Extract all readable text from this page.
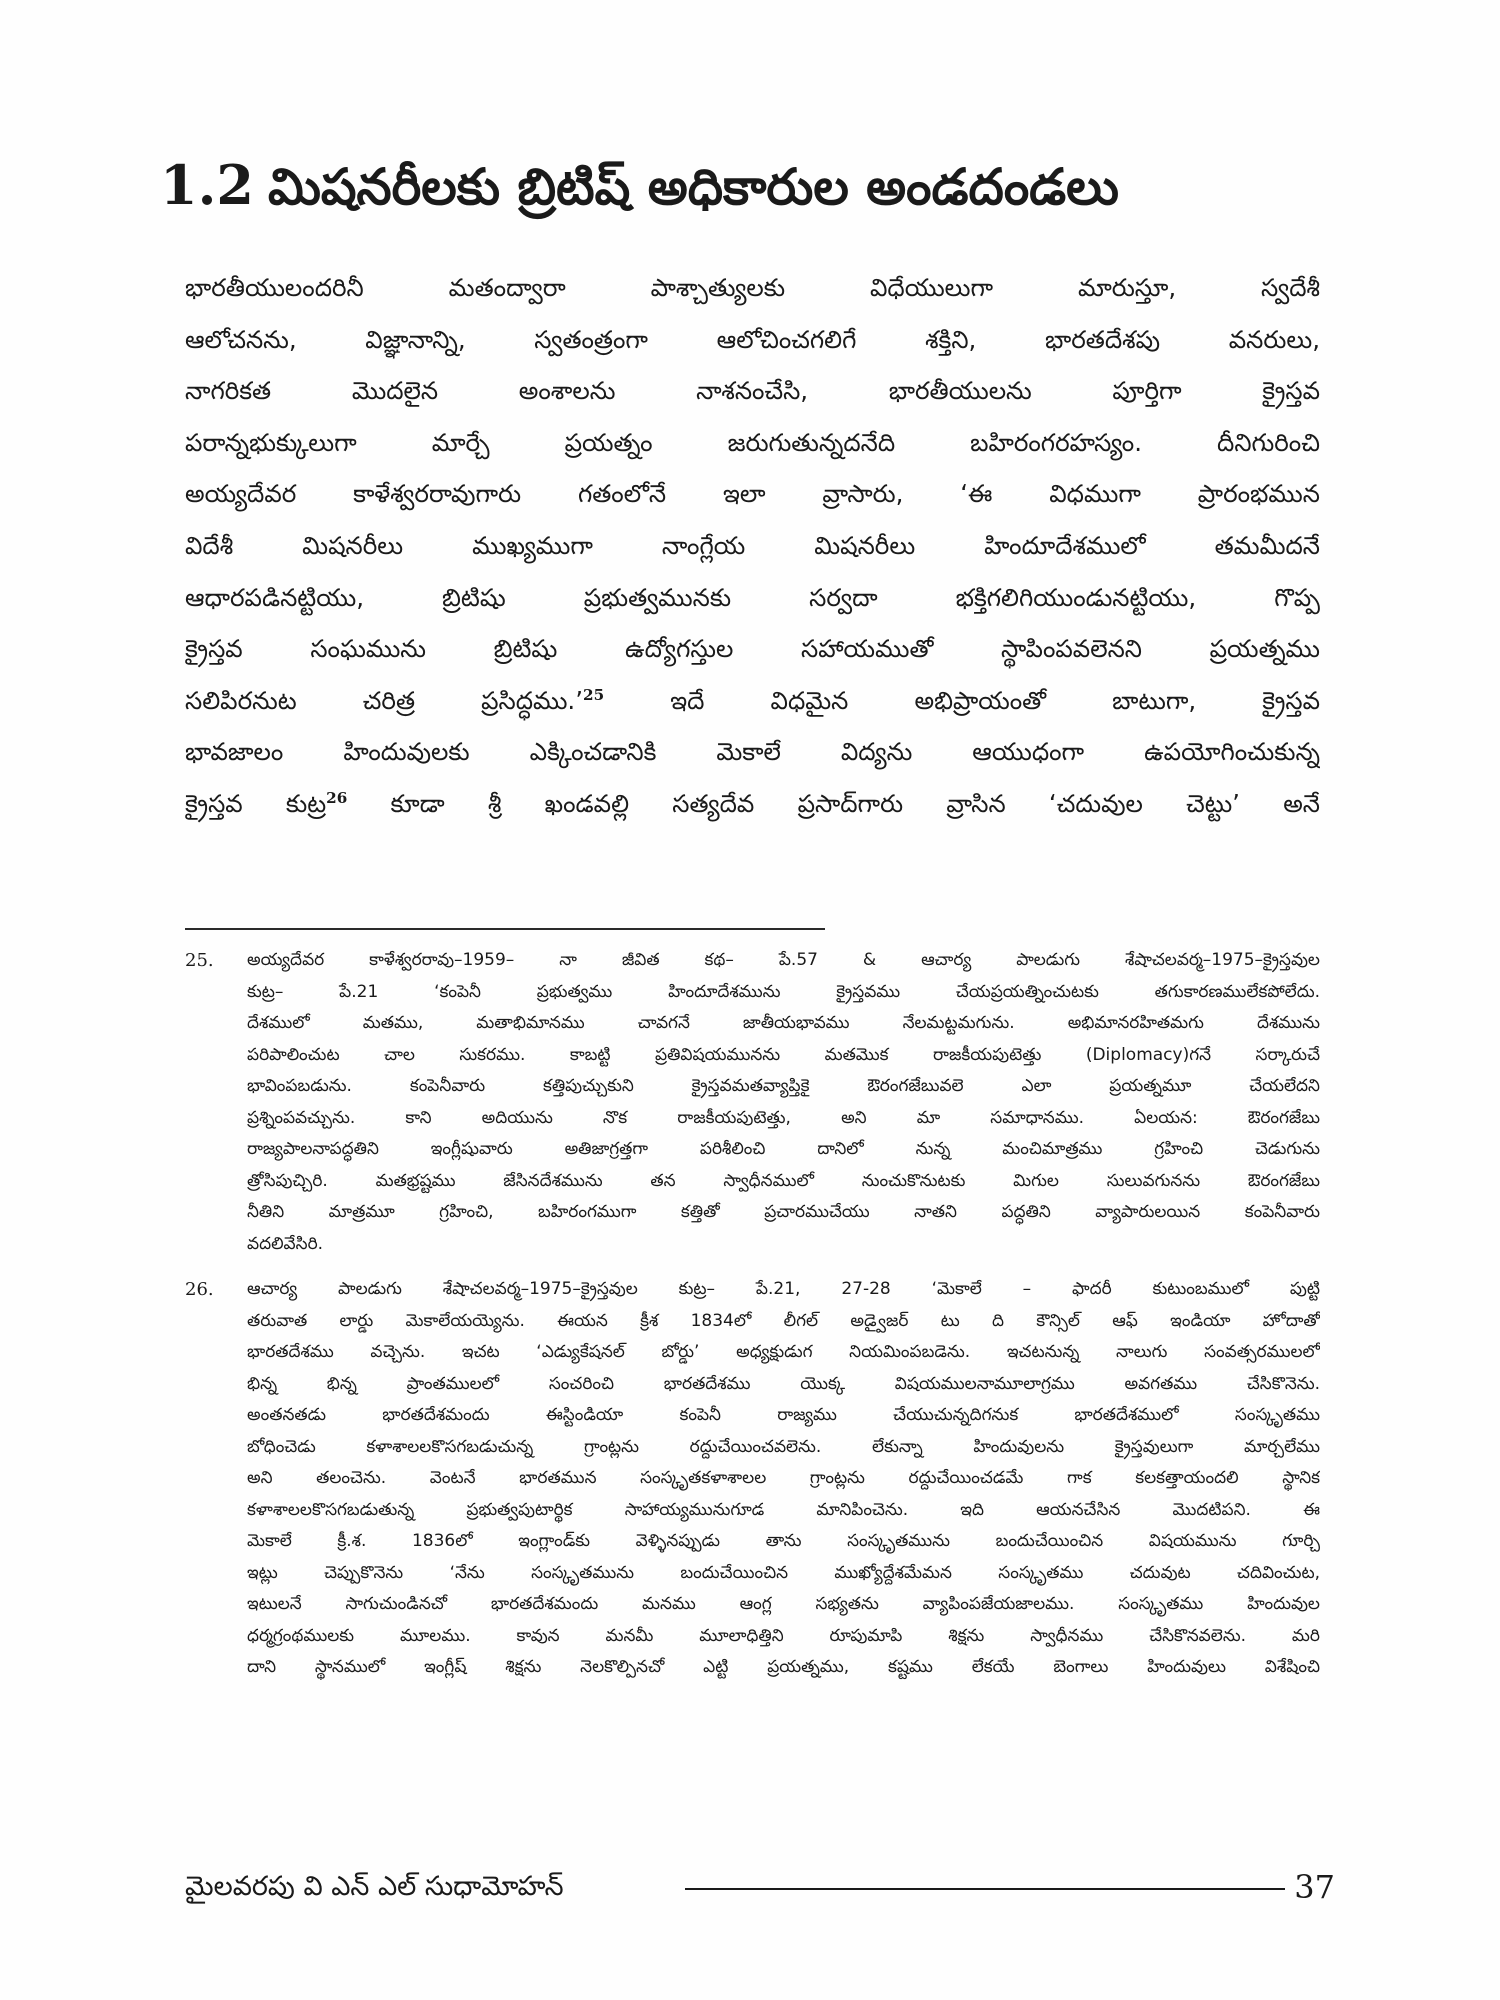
1.2 మిషనరీలకు బ్రిటిష్ అధికారుల అండదండలు
భారతీయులందరినీ మతంద్వారా పాశ్చాత్యులకు విధేయులుగా మారుస్తూ, స్వదేశీ
ఆలోచనను, విజ్ఞానాన్ని, స్వతంత్రంగా ఆలోచించగలిగే శక్తిని, భారతదేశపు వనరులు,
నాగరికత మొదలైన అంశాలను నాశనంచేసి, భారతీయులను పూర్తిగా క్రైస్తవ
పరాన్నభుక్కులుగా మార్చే ప్రయత్నం జరుగుతున్నదనేది బహిరంగరహస్యం. దీనిగురించి
అయ్యదేవర కాళేశ్వరరావుగారు గతంలోనే ఇలా వ్రాసారు, ‘ఈ విధముగా ప్రారంభమున
విదేశీ మిషనరీలు ముఖ్యముగా నాంగ్లేయ మిషనరీలు హిందూదేశములో తమమీదనే
ఆధారపడినట్టియు, బ్రిటిషు ప్రభుత్వమునకు సర్వదా భక్తిగలిగియుండునట్టియు, గొప్ప
క్రైస్తవ సంఘమును బ్రిటిషు ఉద్యోగస్తుల సహాయముతో స్థాపింపవలెనని ప్రయత్నము
సలిపిరనుట చరిత్ర ప్రసిద్ధము.’$^{25}$ ఇదే విధమైన అభిప్రాయంతో బాటుగా, క్రైస్తవ
భావజాలం హిందువులకు ఎక్కించడానికి మెకాలే విద్యను ఆయుధంగా ఉపయోగించుకున్న
క్రైస్తవ కుట్ర$^{26}$ కూడా శ్రీ ఖండవల్లి సత్యదేవ ప్రసాద్‌గారు వ్రాసిన ‘చదువుల చెట్టు’ అనే
25. అయ్యదేవర కాళేశ్వరరావు–1959– నా జీవిత కథ– పే.57 & ఆచార్య పాలడుగు శేషాచలవర్మ–1975–క్రైస్తవుల
కుట్ర– పే.21 ‘కంపెనీ ప్రభుత్వము హిందూదేశమును క్రైస్తవము చేయప్రయత్నించుటకు తగుకారణములేకపోలేదు.
దేశములో మతము, మతాభిమానము చావగనే జాతీయభావము నేలమట్టమగును. అభిమానరహితమగు దేశమును
పరిపాలించుట చాల సుకరము. కాబట్టి ప్రతివిషయమునను మతమొక రాజకీయపుటెత్తు (Diplomacy)గనే సర్కారుచే
భావింపబడును. కంపెనీవారు కత్తిపుచ్చుకుని క్రైస్తవమతవ్యాప్తికై ఔరంగజేబువలె ఎలా ప్రయత్నమూ చేయలేదని
ప్రశ్నింపవచ్చును. కాని అదియును నొక రాజకీయపుటెత్తు, అని మా సమాధానము. ఏలయన: ఔరంగజేబు
రాజ్యపాలనాపద్ధతిని ఇంగ్లీషువారు అతిజాగ్రత్తగా పరిశీలించి దానిలో నున్న మంచిమాత్రము గ్రహించి చెడుగును
త్రోసిపుచ్చిరి. మతభ్రష్టము జేసినదేశమును తన స్వాధీనములో నుంచుకొనుటకు మిగుల సులువగునను ఔరంగజేబు
నీతిని మాత్రమూ గ్రహించి, బహిరంగముగా కత్తితో ప్రచారముచేయు నాతని పద్ధతిని వ్యాపారులయిన కంపెనీవారు
వదలివేసిరి.
26. ఆచార్య పాలడుగు శేషాచలవర్మ–1975–క్రైస్తవుల కుట్ర– పే.21, 27-28 ‘మెకాలే – ఫాదరీ కుటుంబములో పుట్టి
తరువాత లార్డు మెకాలేయయ్యెను. ఈయన క్రీశ 1834లో లీగల్ అడ్వైజర్ టు ది కౌన్సిల్ ఆఫ్ ఇండియా హోదాతో
భారతదేశము వచ్చెను. ఇచట ‘ఎడ్యుకేషనల్ బోర్డు’ అధ్యక్షుడుగ నియమింపబడెను. ఇచటనున్న నాలుగు సంవత్సరములలో
భిన్న భిన్న ప్రాంతములలో సంచరించి భారతదేశము యొక్క విషయములనామూలాగ్రము అవగతము చేసికొనెను.
అంతనతడు భారతదేశమందు ఈస్టిండియా కంపెనీ రాజ్యము చేయుచున్నదిగనుక భారతదేశములో సంస్కృతము
బోధించెడు కళాశాలలకొసగబడుచున్న గ్రాంట్లను రద్దుచేయించవలెను. లేకున్నా హిందువులను క్రైస్తవులుగా మార్చలేము
అని తలంచెను. వెంటనే భారతమున సంస్కృతకళాశాలల గ్రాంట్లను రద్దుచేయించడమే గాక కలకత్తాయందలి స్థానిక
కళాశాలలకొసగబడుతున్న ప్రభుత్వపుటార్థిక సాహాయ్యమునుగూడ మానిపించెను. ఇది ఆయనచేసిన మొదటిపని. ఈ
మెకాలే క్రీ.శ. 1836లో ఇంగ్లాండ్‌కు వెళ్ళినప్పుడు తాను సంస్కృతమును బందుచేయించిన విషయమును గూర్చి
ఇట్లు చెప్పుకొనెను ‘నేను సంస్కృతమును బందుచేయించిన ముఖ్యోద్దేశమేమన సంస్కృతము చదువుట చదివించుట,
ఇటులనే సాగుచుండినచో భారతదేశమందు మనము ఆంగ్ల సభ్యతను వ్యాపింపజేయజాలము. సంస్కృతము హిందువుల
ధర్మగ్రంథములకు మూలము. కావున మనమీ మూలాధిత్తిని రూపుమాపి శిక్షను స్వాధీనము చేసికొనవలెను. మరి
దాని స్థానములో ఇంగ్లీష్ శిక్షను నెలకొల్పినచో ఎట్టి ప్రయత్నము, కష్టము లేకయే బెంగాలు హిందువులు విశేషించి
మైలవరపు వి ఎన్ ఎల్ సుధామోహన్	37
